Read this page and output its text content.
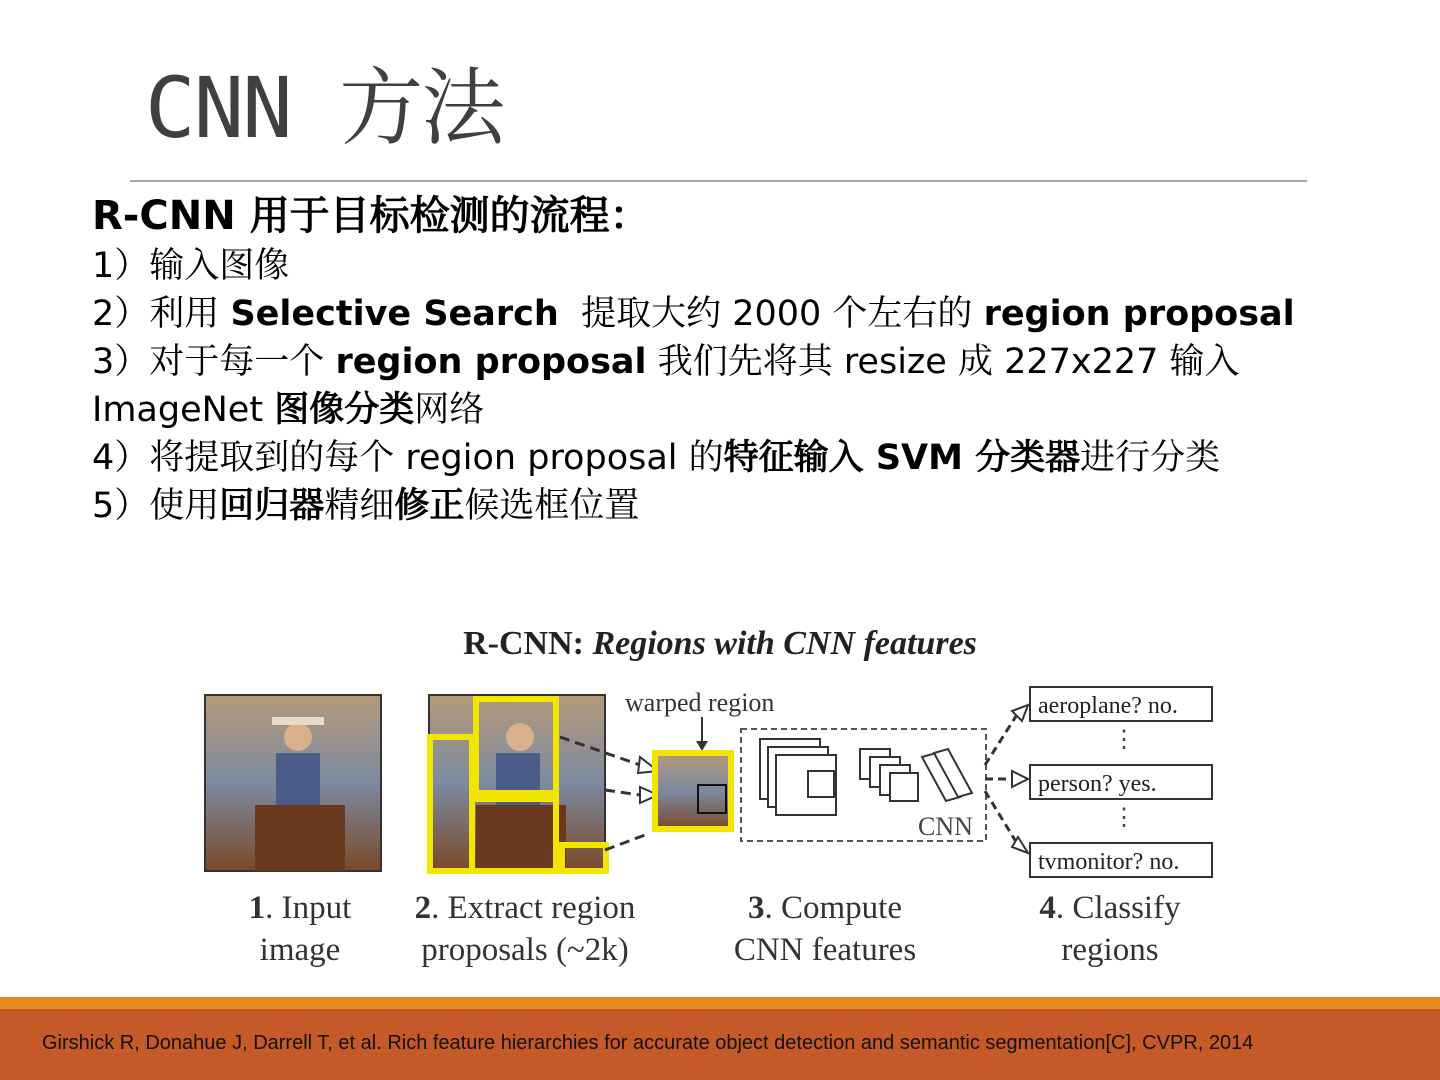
CNN 方法
R-CNN 用于目标检测的流程：
1）输入图像
2）利用 Selective Search 提取大约 2000 个左右的 region proposal
3）对于每一个 region proposal 我们先将其 resize 成 227x227 输入
ImageNet 图像分类网络
4）将提取到的每个 region proposal 的特征输入 SVM 分类器进行分类
5）使用回归器精细修正候选框位置
R-CNN: Regions with CNN features
warped region
CNN
aeroplane? no.
⋮
person? yes.
⋮
tvmonitor? no.
1. Input
image
2. Extract region
proposals (~2k)
3. Compute
CNN features
4. Classify
regions
Girshick R, Donahue J, Darrell T, et al. Rich feature hierarchies for accurate object detection and semantic segmentation[C], CVPR, 2014
